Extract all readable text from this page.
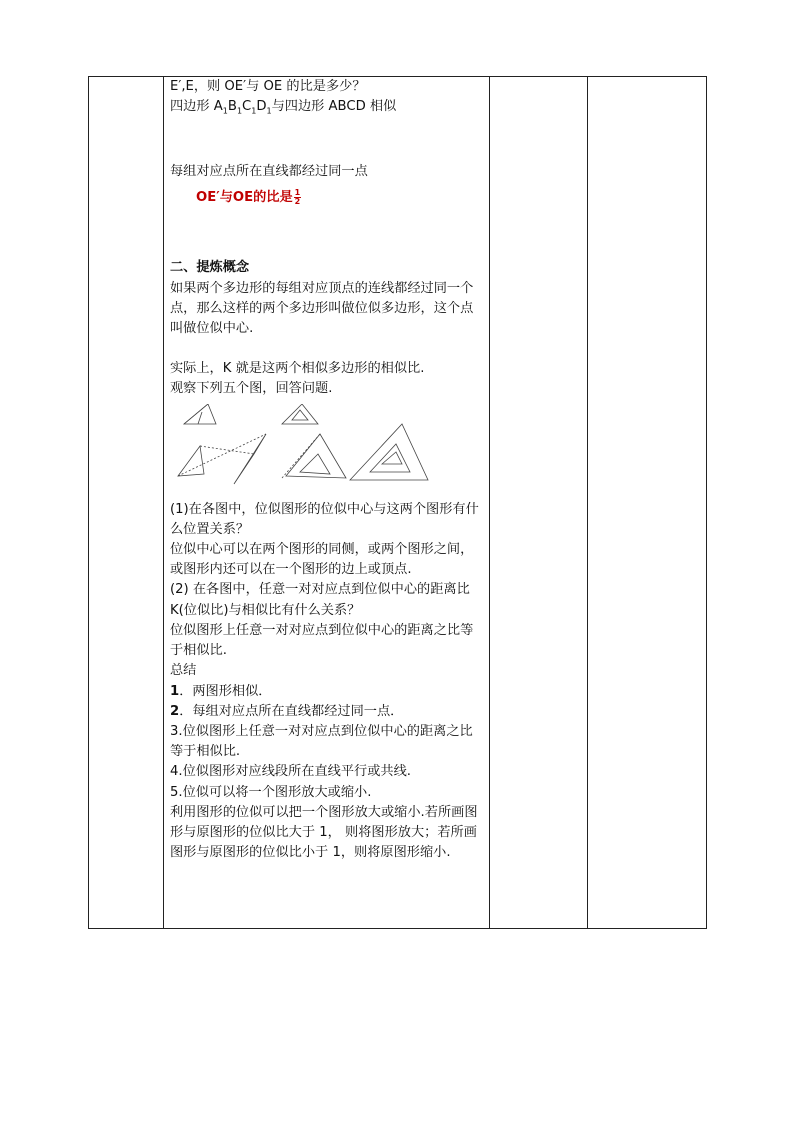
E′,E，则 OE′与 OE 的比是多少？

四边形 $A_1B_1C_1D_1$与四边形 ABCD 相似

每组对应点所在直线都经过同一点

OE′与OE的比是 $\frac{1}{2}$

二、提炼概念

如果两个多边形的每组对应顶点的连线都经过同一个点，那么这样的两个多边形叫做位似多边形，这个点叫做位似中心.

实际上，K 就是这两个相似多边形的相似比.

观察下列五个图，回答问题.

(1)在各图中，位似图形的位似中心与这两个图形有什么位置关系？

位似中心可以在两个图形的同侧，或两个图形之间，或图形内还可以在一个图形的边上或顶点.

(2) 在各图中，任意一对对应点到位似中心的距离比K(位似比)与相似比有什么关系？

位似图形上任意一对对应点到位似中心的距离之比等于相似比.

总结

1．两图形相似．

2．每组对应点所在直线都经过同一点．

3.位似图形上任意一对对应点到位似中心的距离之比等于相似比.

4.位似图形对应线段所在直线平行或共线.

5.位似可以将一个图形放大或缩小.

利用图形的位似可以把一个图形放大或缩小.若所画图形与原图形的位似比大于 1， 则将图形放大；若所画图形与原图形的位似比小于 1，则将原图形缩小.
